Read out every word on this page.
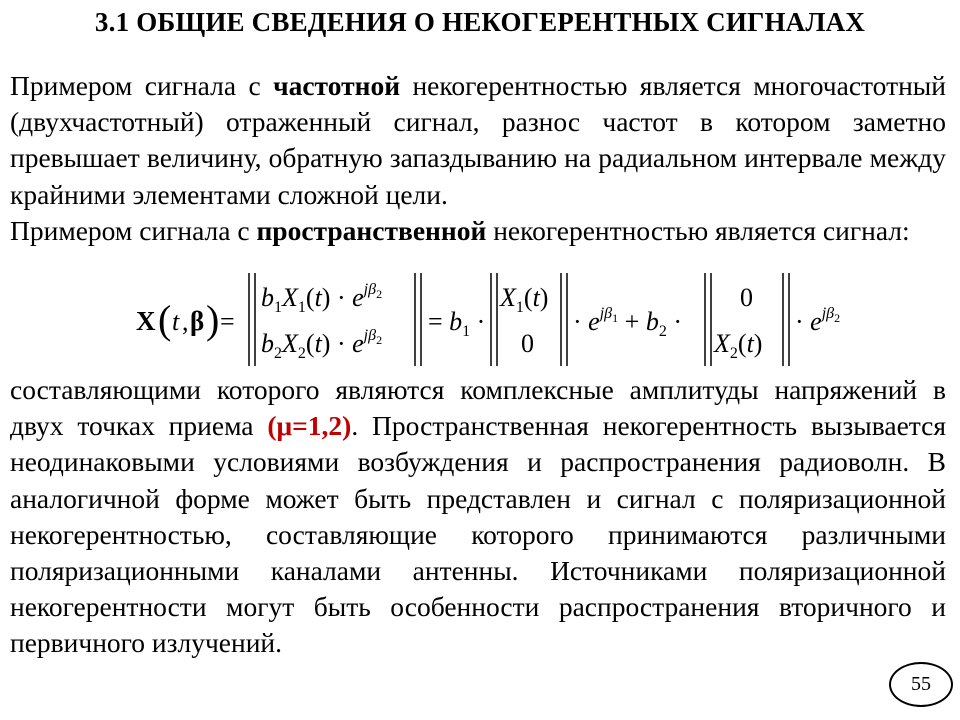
3.1 ОБЩИЕ СВЕДЕНИЯ О НЕКОГЕРЕНТНЫХ СИГНАЛАХ
Примером сигнала с частотной некогерентностью является многочастотный (двухчастотный) отраженный сигнал, разнос частот в котором заметно превышает величину, обратную запаздыванию на радиальном интервале между крайними элементами сложной цели.
Примером сигнала с пространственной некогерентностью является сигнал:
X ( t , β ) =
$b_1X_1(t) \cdot e^{j\beta}2$
$b_2X_2(t) \cdot e^{j\beta}2$
= $b_1$ ·
$X_1(t)$
0
· $e^{j\beta}1 + b_2$ ·
0
$X_2(t)$
· $e^{j\beta}2$
составляющими которого являются комплексные амплитуды напряжений в двух точках приема (μ=1,2). Пространственная некогерентность вызывается неодинаковыми условиями возбуждения и распространения радиоволн. В аналогичной форме может быть представлен и сигнал с поляризационной некогерентностью, составляющие которого принимаются различными поляризационными каналами антенны. Источниками поляризационной некогерентности могут быть особенности распространения вторичного и первичного излучений.
55
